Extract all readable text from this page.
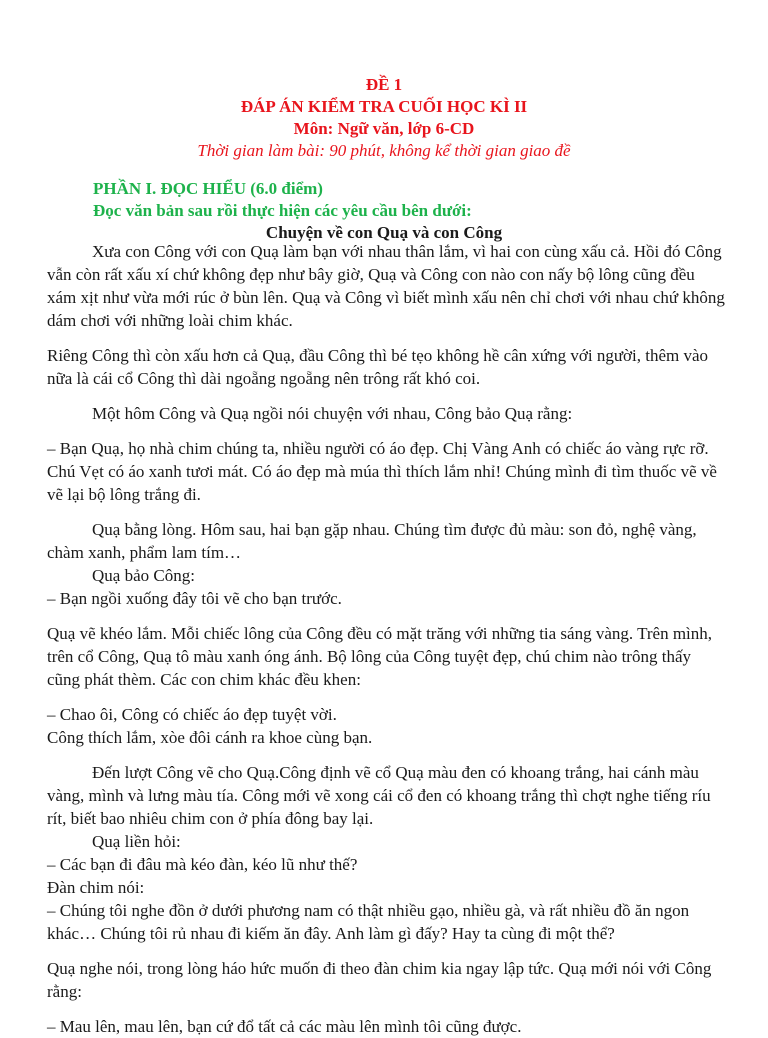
ĐỀ 1
ĐÁP ÁN KIỂM TRA CUỐI HỌC KÌ II
Môn: Ngữ văn, lớp 6-CD
Thời gian làm bài: 90 phút, không kể thời gian giao đề
PHẦN I. ĐỌC HIỂU (6.0 điểm)
Đọc văn bản sau rồi thực hiện các yêu cầu bên dưới:
Chuyện về con Quạ và con Công

Xưa con Công với con Quạ làm bạn với nhau thân lắm, vì hai con cùng xấu cả. Hồi đó Công vẫn còn rất xấu xí chứ không đẹp như bây giờ, Quạ và Công con nào con nấy bộ lông cũng đều xám xịt như vừa mới rúc ở bùn lên. Quạ và Công vì biết mình xấu nên chỉ chơi với nhau chứ không dám chơi với những loài chim khác.

Riêng Công thì còn xấu hơn cả Quạ, đầu Công thì bé tẹo không hề cân xứng với người, thêm vào nữa là cái cổ Công thì dài ngoẵng ngoẵng nên trông rất khó coi.

Một hôm Công và Quạ ngồi nói chuyện với nhau, Công bảo Quạ rằng:

– Bạn Quạ, họ nhà chim chúng ta, nhiều người có áo đẹp. Chị Vàng Anh có chiếc áo vàng rực rỡ. Chú Vẹt có áo xanh tươi mát. Có áo đẹp mà múa thì thích lắm nhỉ! Chúng mình đi tìm thuốc vẽ về vẽ lại bộ lông trắng đi.

Quạ bằng lòng. Hôm sau, hai bạn gặp nhau. Chúng tìm được đủ màu: son đỏ, nghệ vàng, chàm xanh, phẩm lam tím…

Quạ bảo Công:

– Bạn ngồi xuống đây tôi vẽ cho bạn trước.

Quạ vẽ khéo lắm. Mỗi chiếc lông của Công đều có mặt trăng với những tia sáng vàng. Trên mình, trên cổ Công, Quạ tô màu xanh óng ánh. Bộ lông của Công tuyệt đẹp, chú chim nào trông thấy cũng phát thèm. Các con chim khác đều khen:

– Chao ôi, Công có chiếc áo đẹp tuyệt vời.

Công thích lắm, xòe đôi cánh ra khoe cùng bạn.

Đến lượt Công vẽ cho Quạ.Công định vẽ cổ Quạ màu đen có khoang trắng, hai cánh màu vàng, mình và lưng màu tía. Công mới vẽ xong cái cổ đen có khoang trắng thì chợt nghe tiếng ríu rít, biết bao nhiêu chim con ở phía đông bay lại.

Quạ liền hỏi:

– Các bạn đi đâu mà kéo đàn, kéo lũ như thế?

Đàn chim nói:

– Chúng tôi nghe đồn ở dưới phương nam có thật nhiều gạo, nhiều gà, và rất nhiều đồ ăn ngon khác… Chúng tôi rủ nhau đi kiếm ăn đây. Anh làm gì đấy? Hay ta cùng đi một thể?

Quạ nghe nói, trong lòng háo hức muốn đi theo đàn chim kia ngay lập tức. Quạ mới nói với Công rằng:

– Mau lên, mau lên, bạn cứ đổ tất cả các màu lên mình tôi cũng được.
